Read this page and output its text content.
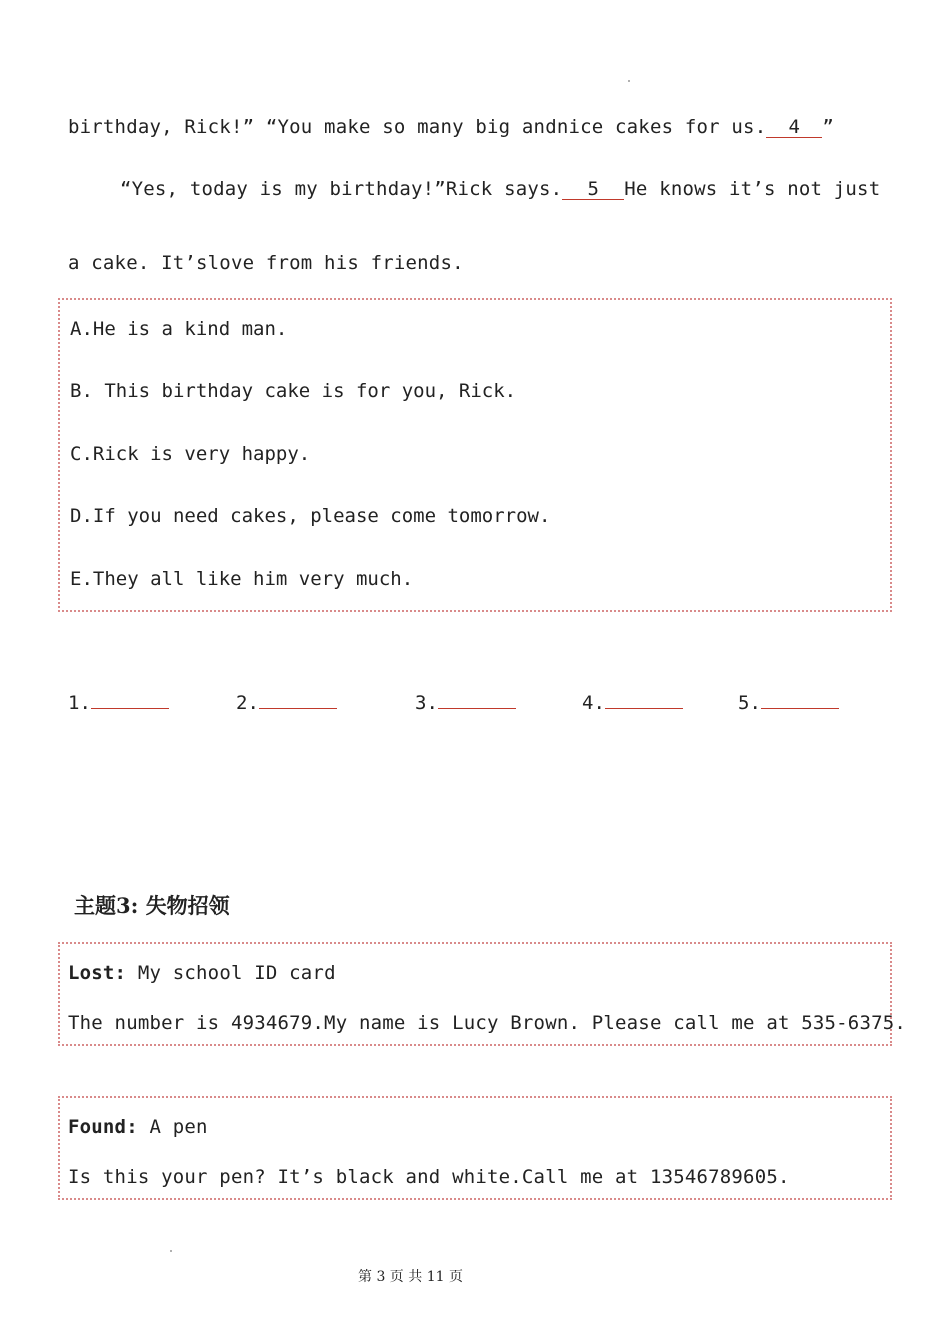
birthday, Rick!” “You make so many big andnice cakes for us. 4 ”
“Yes, today is my birthday!”Rick says. 5 He knows it’s not just
a cake. It’slove from his friends.
A.He is a kind man.
B. This birthday cake is for you, Rick.
C.Rick is very happy.
D.If you need cakes, please come tomorrow.
E.They all like him very much.
1.	2.	3.	4.	5.
主题3: 失物招领
Lost: My school ID card
The number is 4934679.My name is Lucy Brown. Please call me at 535-6375.
Found: A pen
Is this your pen? It’s black and white.Call me at 13546789605.
第 3 页 共 11 页
